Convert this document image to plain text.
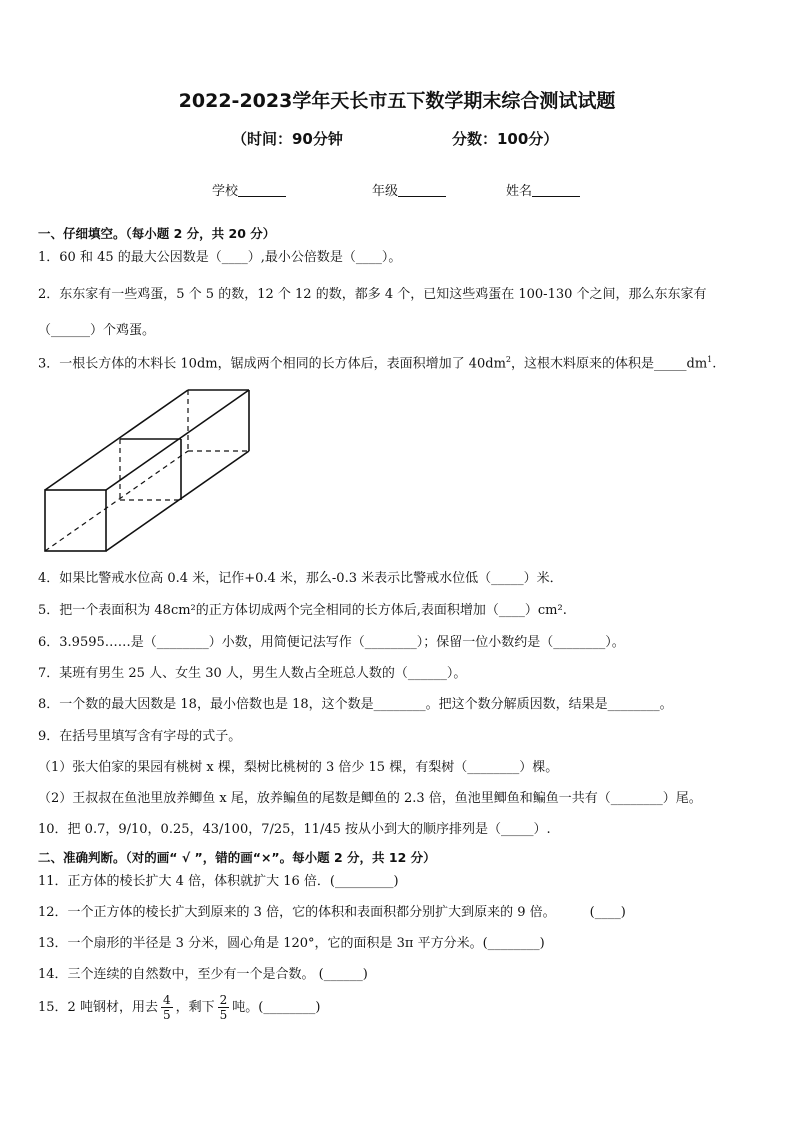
2022-2023学年天长市五下数学期末综合测试试题
（时间：90分钟	分数：100分）
学校	年级	姓名
一、仔细填空。（每小题 2 分，共 20 分）
1．60 和 45 的最大公因数是（____）,最小公倍数是（____）。
2．东东家有一些鸡蛋，5 个 5 的数，12 个 12 的数，都多 4 个，已知这些鸡蛋在 100-130 个之间，那么东东家有
（______）个鸡蛋。
3．一根长方体的木料长 10dm，锯成两个相同的长方体后，表面积增加了 $40dm^2$，这根木料原来的体积是$\_\_\_\_\_dm^1$.
4．如果比警戒水位高 0.4 米，记作+0.4 米，那么-0.3 米表示比警戒水位低（_____）米．
5．把一个表面积为 48cm²的正方体切成两个完全相同的长方体后,表面积增加（____）cm².
6．3.9595……是（________）小数，用简便记法写作（________）；保留一位小数约是（________）。
7．某班有男生 25 人、女生 30 人，男生人数占全班总人数的（______）。
8．一个数的最大因数是 18，最小倍数也是 18，这个数是________。把这个数分解质因数，结果是________。
9．在括号里填写含有字母的式子。
（1）张大伯家的果园有桃树 x 棵，梨树比桃树的 3 倍少 15 棵，有梨树（________）棵。
（2）王叔叔在鱼池里放养鲫鱼 x 尾，放养鳊鱼的尾数是鲫鱼的 2.3 倍，鱼池里鲫鱼和鳊鱼一共有（________）尾。
10．把 0.7，9/10，0.25，43/100，7/25，11/45 按从小到大的顺序排列是（_____）.
二、准确判断。（对的画“ √ ”，错的画“×”。每小题 2 分，共 12 分）
11．正方体的棱长扩大 4 倍，体积就扩大 16 倍．(_________)
12．一个正方体的棱长扩大到原来的 3 倍，它的体积和表面积都分别扩大到原来的 9 倍。	(____)
13．一个扇形的半径是 3 分米，圆心角是 120°，它的面积是 3π 平方分米。(________)
14．三个连续的自然数中，至少有一个是合数。 (______)
15．2 吨钢材，用去 $\frac{4}{5}$ ，剩下 $\frac{2}{5}$ 吨。(________)
